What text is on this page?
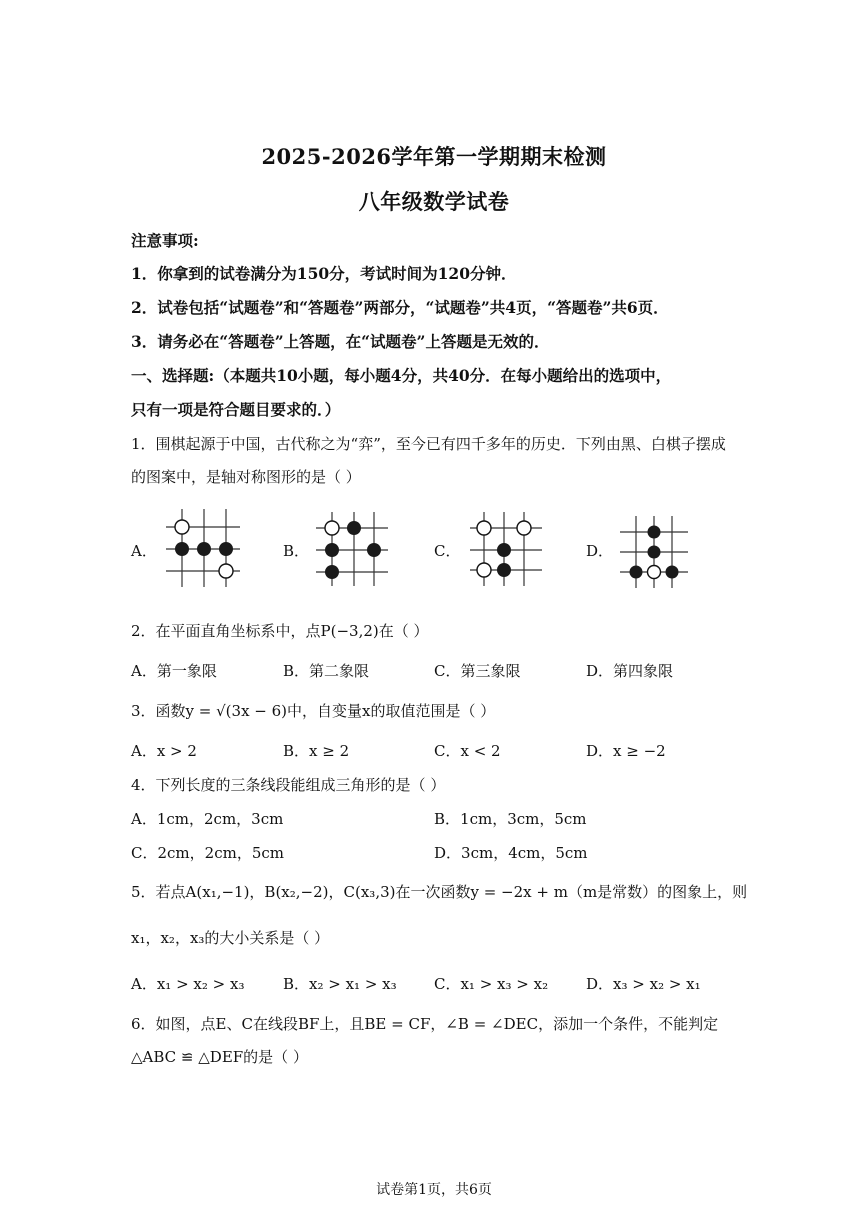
2025-2026学年第一学期期末检测
八年级数学试卷
注意事项:
1．你拿到的试卷满分为150分，考试时间为120分钟．
2．试卷包括“试题卷”和“答题卷”两部分，“试题卷”共4页，“答题卷”共6页．
3．请务必在“答题卷”上答题，在“试题卷”上答题是无效的．
一、选择题:（本题共10小题，每小题4分，共40分．在每小题给出的选项中，
只有一项是符合题目要求的．）
1．围棋起源于中国，古代称之为“弈”，至今已有四千多年的历史．下列由黑、白棋子摆成
的图案中，是轴对称图形的是（ ）
A．	B．	C．	D．
2．在平面直角坐标系中，点P(−3,2)在（ ）
A．第一象限	B．第二象限	C．第三象限	D．第四象限
3．函数y = √(3x − 6)中，自变量x的取值范围是（ ）
A．x > 2	B．x ≥ 2	C．x < 2	D．x ≥ −2
4．下列长度的三条线段能组成三角形的是（ ）
A．1cm，2cm，3cm	B．1cm，3cm，5cm
C．2cm，2cm，5cm	D．3cm，4cm，5cm
5．若点A(x₁,−1)，B(x₂,−2)，C(x₃,3)在一次函数y = −2x + m（m是常数）的图象上，则
x₁，x₂，x₃的大小关系是（ ）
A．x₁ > x₂ > x₃	B．x₂ > x₁ > x₃ C．x₁ > x₃ > x₂	D．x₃ > x₂ > x₁
6．如图，点E、C在线段BF上，且BE = CF，∠B = ∠DEC，添加一个条件，不能判定
△ABC ≌ △DEF的是（ ）
试卷第1页，共6页
